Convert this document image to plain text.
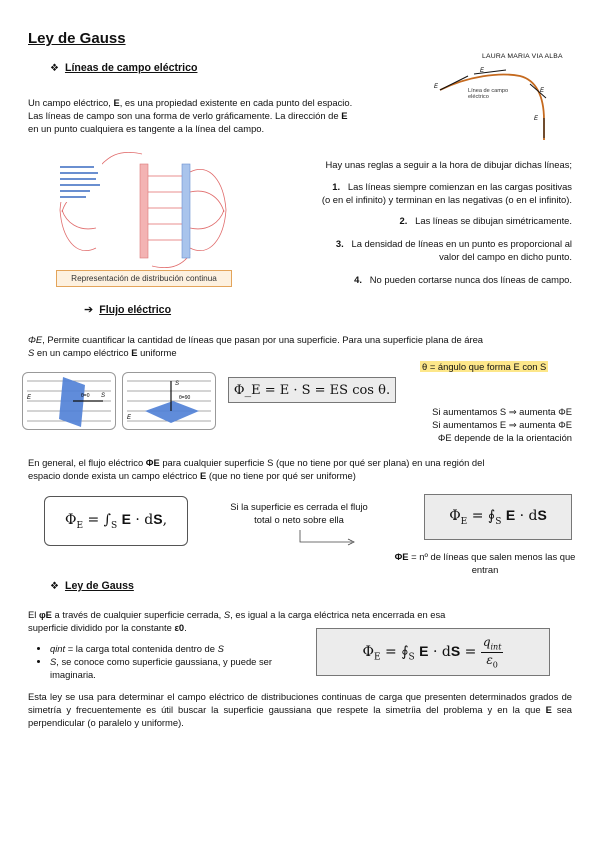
Ley de Gauss
LAURA MARIA VIA ALBA
❖ Líneas de campo eléctrico
E
E
E
E
Línea de campo eléctrico
Un campo eléctrico, E, es una propiedad existente en cada punto del espacio.
Las líneas de campo son una forma de verlo gráficamente. La dirección de E
en un punto cualquiera es tangente a la línea del campo.
Representación de distribución continua
Hay unas reglas a seguir a la hora de dibujar dichas líneas;
1. Las líneas siempre comienzan en las cargas positivas
(o en el infinito) y terminan en las negativas (o en el infinito).
2. Las líneas se dibujan simétricamente.
3. La densidad de líneas en un punto es proporcional al
valor del campo en dicho punto.
4. No pueden cortarse nunca dos líneas de campo.
➔ Flujo eléctrico
ΦE, Permite cuantificar la cantidad de líneas que pasan por una superficie. Para una superficie plana de área
S en un campo eléctrico E uniforme
θ = ángulo que forma E con S
E	S
θ=0
E
S
θ=90
Φ_E = E · S = ES cos θ.
Si aumentamos S ⇒ aumenta ΦE
Si aumentamos E ⇒ aumenta ΦE
ΦE depende de la la orientación
En general, el flujo eléctrico ΦE para cualquier superficie S (que no tiene por qué ser plana) en una región del
espacio donde exista un campo eléctrico E (que no tiene por qué ser uniforme)
$\Phi_E = \int_S$ E · dS,
Si la superficie es cerrada el flujo total o neto sobre ella	$\Phi_E$ = $∮_S$ E · dS
ΦE = nº de líneas que salen menos las que entran
❖ Ley de Gauss
El φE a través de cualquier superficie cerrada, S, es igual a la carga eléctrica neta encerrada en esa
superficie dividido por la constante ε0.
• qint = la carga total contenida dentro de S
• S, se conoce como superficie gaussiana, y puede ser imaginaria.
$\Phi_E$ = $∮_S$ E · dS =
$q_{int}$
$\varepsilon_0$
Esta ley se usa para determinar el campo eléctrico de distribuciones continuas de carga que presenten determinados grados de simetría y frecuentemente es útil buscar la superficie gaussiana que respete la simetríia del problema y en la que E sea perpendicular (o paralelo y uniforme).
